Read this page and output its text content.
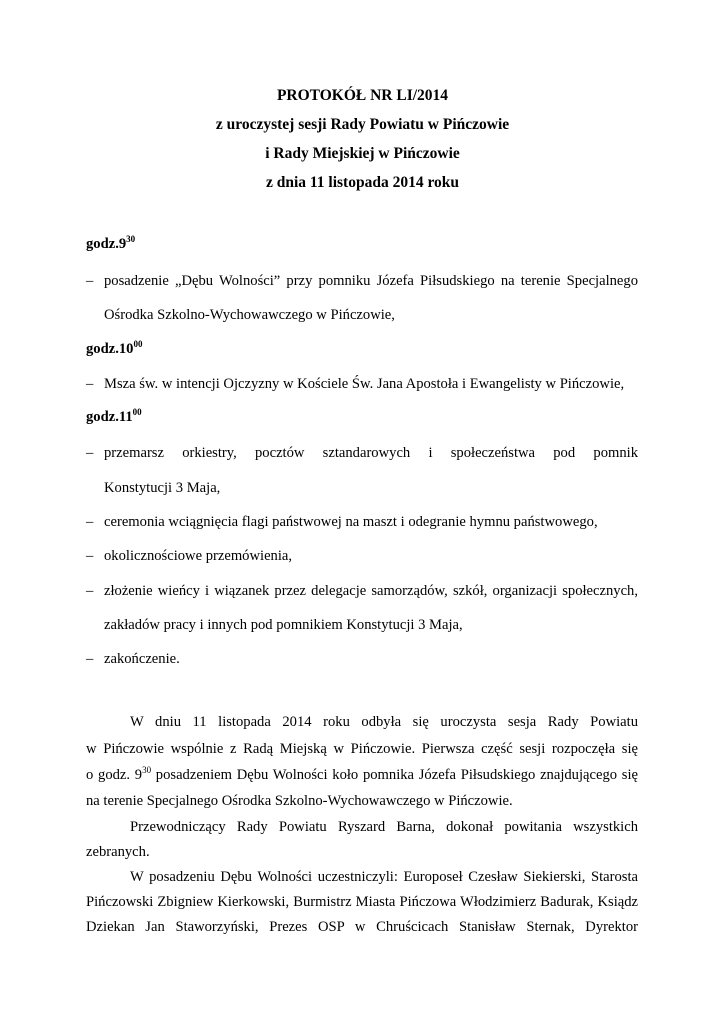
PROTOKÓŁ NR LI/2014
z uroczystej sesji Rady Powiatu w Pińczowie
i Rady Miejskiej w Pińczowie
z dnia 11 listopada 2014 roku
$godz.9^{30}$
– posadzenie „Dębu Wolności” przy pomniku Józefa Piłsudskiego na terenie Specjalnego
Ośrodka Szkolno-Wychowawczego w Pińczowie,
$godz.10^{00}$
– Msza św. w intencji Ojczyzny w Kościele Św. Jana Apostoła i Ewangelisty w Pińczowie,
$godz.11^{00}$
– przemarsz orkiestry, pocztów sztandarowych i społeczeństwa pod pomnik
Konstytucji 3 Maja,
– ceremonia wciągnięcia flagi państwowej na maszt i odegranie hymnu państwowego,
– okolicznościowe przemówienia,
– złożenie wieńcy i wiązanek przez delegacje samorządów, szkół, organizacji społecznych,
zakładów pracy i innych pod pomnikiem Konstytucji 3 Maja,
– zakończenie.
W dniu 11 listopada 2014 roku odbyła się uroczysta sesja Rady Powiatu
w Pińczowie wspólnie z Radą Miejską w Pińczowie. Pierwsza część sesji rozpoczęła się
o godz. $9^{30}$ posadzeniem Dębu Wolności koło pomnika Józefa Piłsudskiego znajdującego się
na terenie Specjalnego Ośrodka Szkolno-Wychowawczego w Pińczowie.
Przewodniczący Rady Powiatu Ryszard Barna, dokonał powitania wszystkich
zebranych.
W posadzeniu Dębu Wolności uczestniczyli: Europoseł Czesław Siekierski, Starosta
Pińczowski Zbigniew Kierkowski, Burmistrz Miasta Pińczowa Włodzimierz Badurak, Ksiądz
Dziekan Jan Staworzyński, Prezes OSP w Chruścicach Stanisław Sternak, Dyrektor
